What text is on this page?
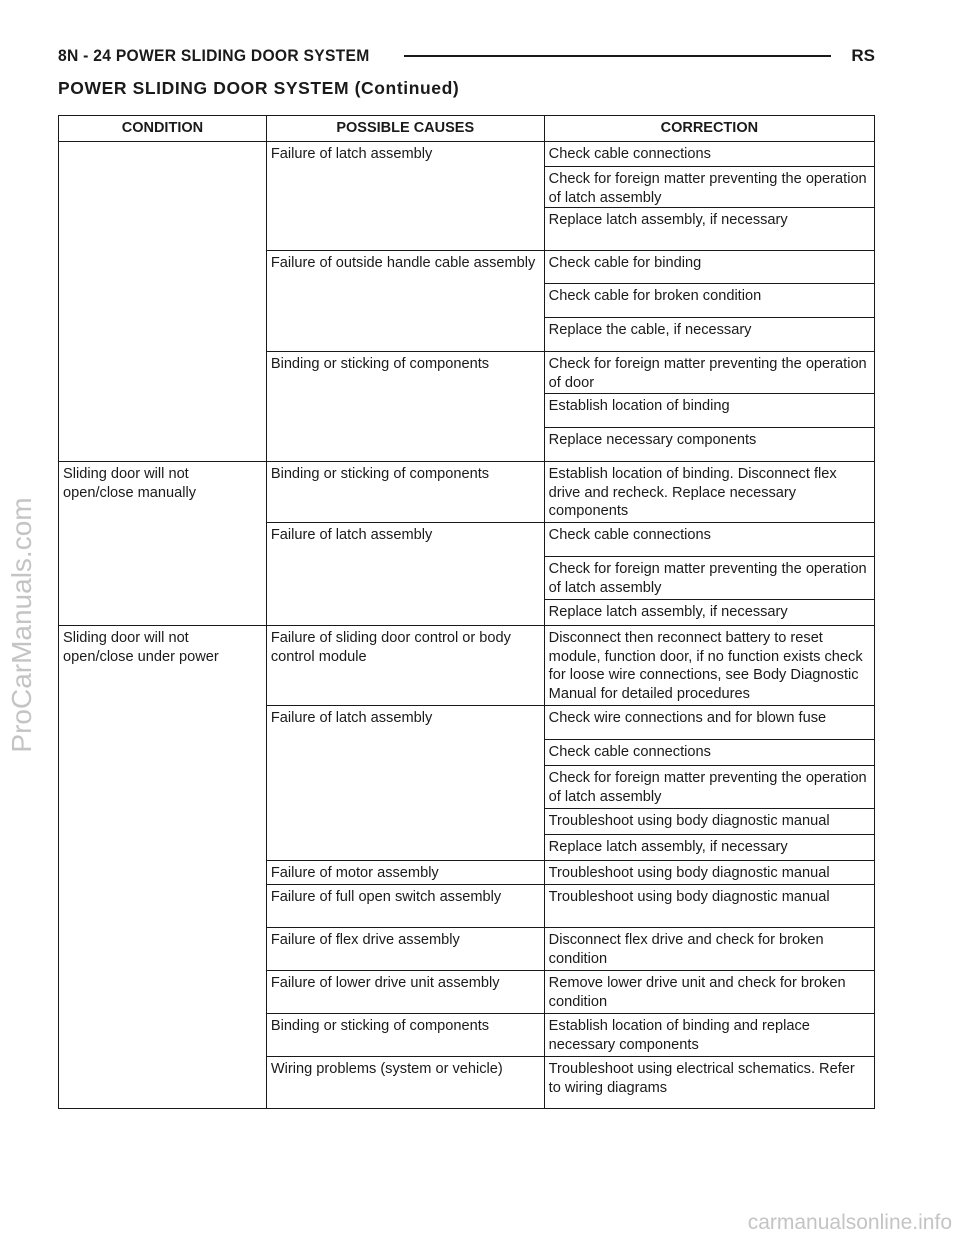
8N - 24 POWER SLIDING DOOR SYSTEM	RS
POWER SLIDING DOOR SYSTEM (Continued)
CONDITION	POSSIBLE CAUSES	CORRECTION
	Failure of latch assembly	Check cable connections
		Check for foreign matter preventing the operation of latch assembly
		Replace latch assembly, if necessary
	Failure of outside handle cable assembly	Check cable for binding
		Check cable for broken condition
		Replace the cable, if necessary
	Binding or sticking of components	Check for foreign matter preventing the operation of door
		Establish location of binding
		Replace necessary components
Sliding door will not open/close manually	Binding or sticking of components	Establish location of binding. Disconnect flex drive and recheck. Replace necessary components
	Failure of latch assembly	Check cable connections
		Check for foreign matter preventing the operation of latch assembly
		Replace latch assembly, if necessary
Sliding door will not open/close under power	Failure of sliding door control or body control module	Disconnect then reconnect battery to reset module, function door, if no function exists check for loose wire connections, see Body Diagnostic Manual for detailed procedures
	Failure of latch assembly	Check wire connections and for blown fuse
		Check cable connections
		Check for foreign matter preventing the operation of latch assembly
		Troubleshoot using body diagnostic manual
		Replace latch assembly, if necessary
	Failure of motor assembly	Troubleshoot using body diagnostic manual
	Failure of full open switch assembly	Troubleshoot using body diagnostic manual
	Failure of flex drive assembly	Disconnect flex drive and check for broken condition
	Failure of lower drive unit assembly	Remove lower drive unit and check for broken condition
	Binding or sticking of components	Establish location of binding and replace necessary components
	Wiring problems (system or vehicle)	Troubleshoot using electrical schematics. Refer to wiring diagrams
ProCarManuals.com
carmanualsonline.info
